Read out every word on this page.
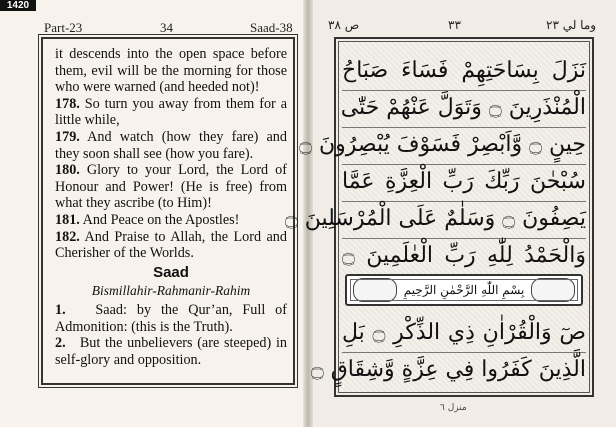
1420
Part-23	34	Saad-38

it descends into the open space before them, evil will be the morning for those who were warned (and heeded not)!

178. So turn you away from them for a little while,

179. And watch (how they fare) and they soon shall see (how you fare).

180. Glory to your Lord, the Lord of Honour and Power! (He is free) from what they ascribe (to Him)!

181. And Peace on the Apostles!

182. And Praise to Allah, the Lord and Cherisher of the Worlds.

Saad
Bismillahir-Rahmanir-Rahim

1. Saad: by the Qur’an, Full of Admonition: (this is the Truth).

2. But the unbelievers (are steeped) in self-glory and opposition.

ص ٣٨	٣٣	وما لي ٢٣
نَزَلَ بِسَاحَتِهِمْ فَسَاءَ صَبَاحُ
الْمُنْذَرِينَ ۝ وَتَوَلَّ عَنْهُمْ حَتّٰى
حِينٍ ۝ وَّاَبْصِرْ فَسَوْفَ يُبْصِرُونَ ۝
سُبْحٰنَ رَبِّكَ رَبِّ الْعِزَّةِ عَمَّا
يَصِفُونَ ۝ وَسَلٰمٌ عَلَى الْمُرْسَلِينَ ۝
وَالْحَمْدُ لِلّٰهِ رَبِّ الْعٰلَمِينَ ۝
بِسْمِ اللّٰهِ الرَّحْمٰنِ الرَّحِيمِ
صٓ وَالْقُرْاٰنِ ذِي الذِّكْرِ ۝ بَلِ
الَّذِينَ كَفَرُوا فِي عِزَّةٍ وَّشِقَاقٍ ۝
منزل ٦
